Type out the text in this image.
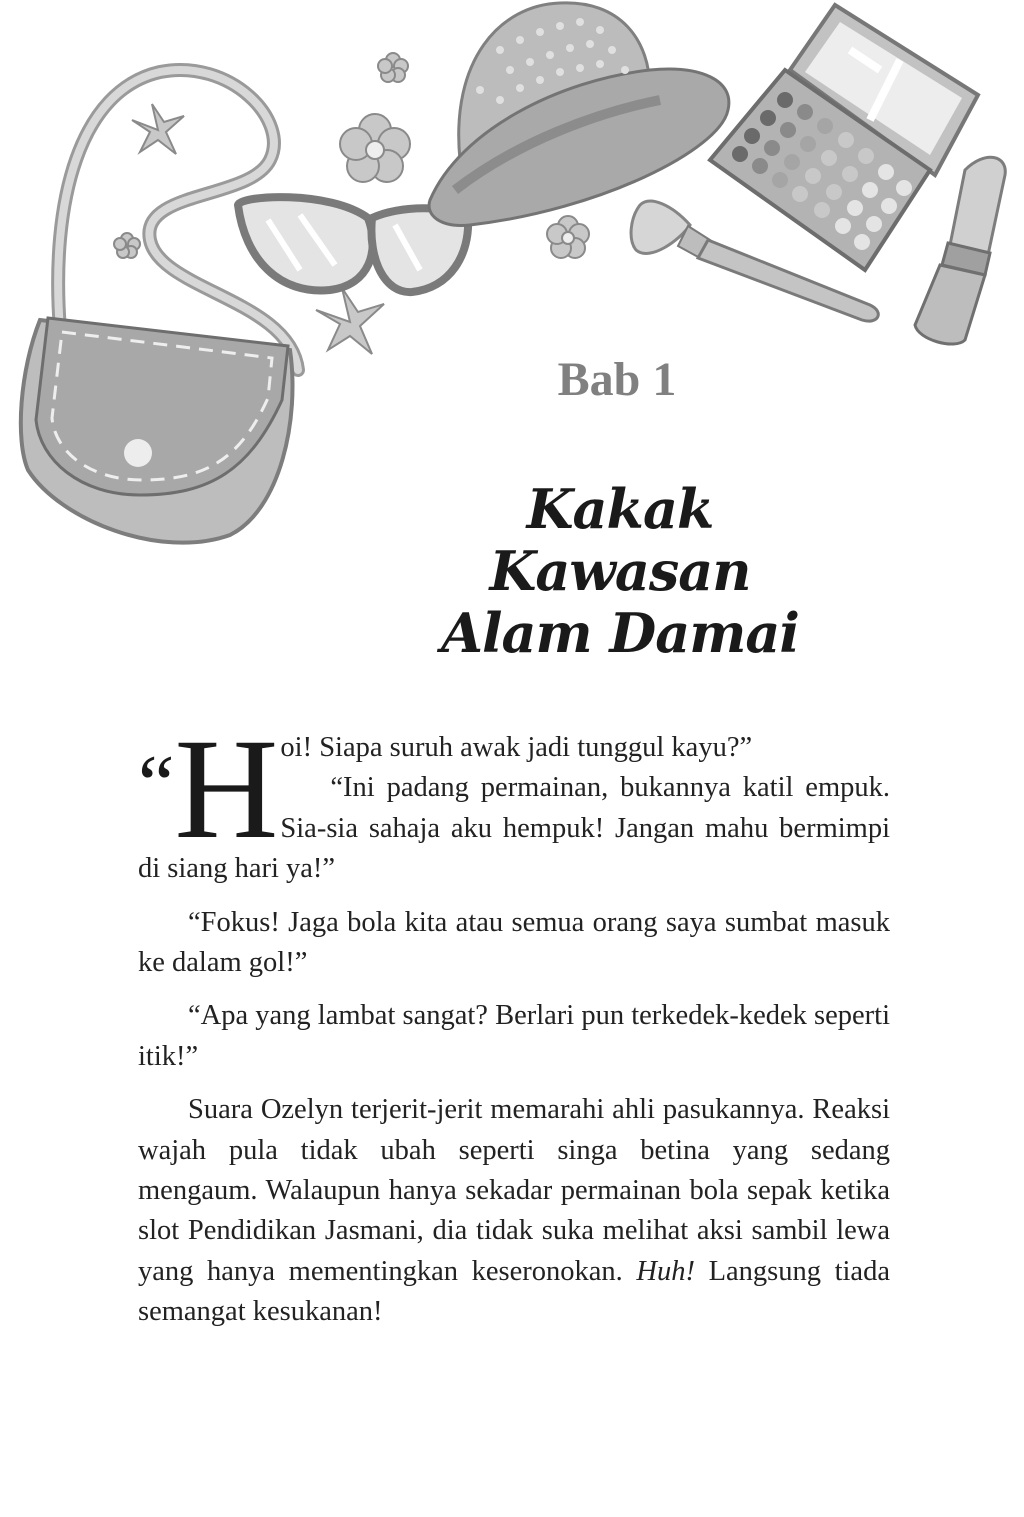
Bab 1
Kakak Kawasan
Alam Damai

“H oi! Siapa suruh awak jadi tunggul kayu?”
“Ini padang permainan, bukannya katil empuk. Sia-sia sahaja aku hempuk! Jangan mahu bermimpi di siang hari ya!”

“Fokus! Jaga bola kita atau semua orang saya sumbat masuk ke dalam gol!”

“Apa yang lambat sangat? Berlari pun terkedek-kedek seperti itik!”

Suara Ozelyn terjerit-jerit memarahi ahli pasukannya. Reaksi wajah pula tidak ubah seperti singa betina yang sedang mengaum. Walaupun hanya sekadar permainan bola sepak ketika slot Pendidikan Jasmani, dia tidak suka melihat aksi sambil lewa yang hanya mementingkan keseronokan. Huh! Langsung tiada semangat kesukanan!
